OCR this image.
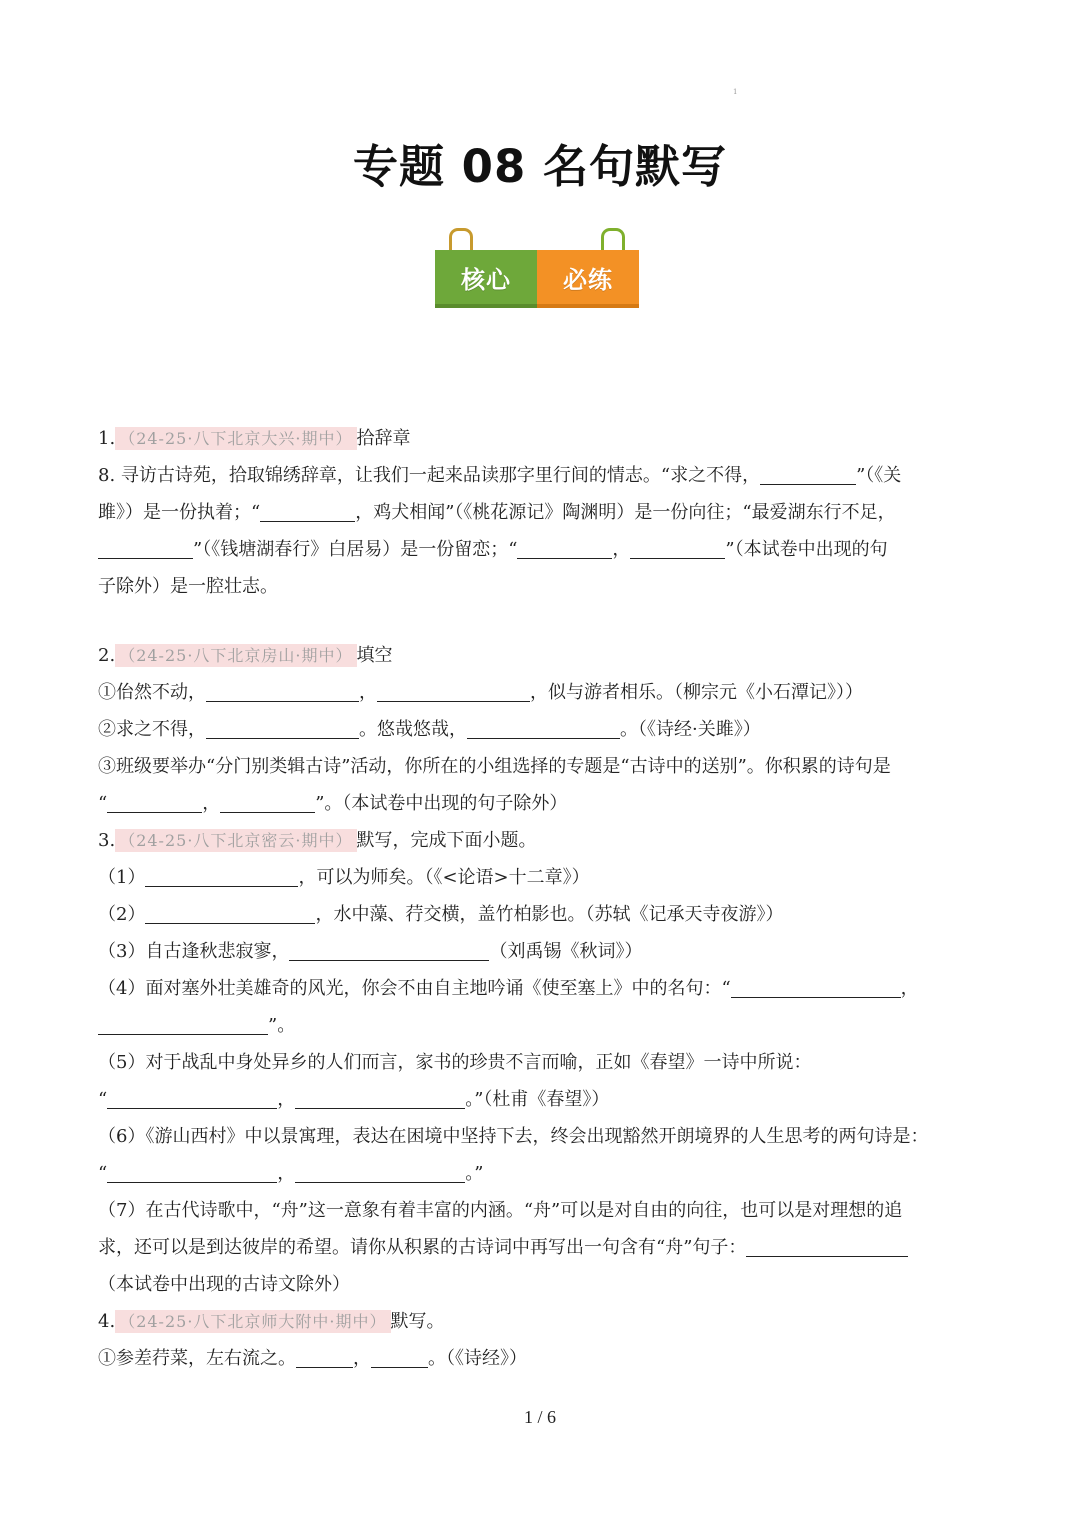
1
专题 08 名句默写
核心	必练
1. （24-25·八下北京大兴·期中） 拾辞章
8. 寻访古诗苑，拾取锦绣辞章，让我们一起来品读那字里行间的情志。“求之不得，	”（《关
雎》）是一份执着；“	，鸡犬相闻”（《桃花源记》陶渊明）是一份向往；“最爱湖东行不足，
”（《钱塘湖春行》白居易）是一份留恋；“	，	”（本试卷中出现的句
子除外）是一腔壮志。
2. （24-25·八下北京房山·期中） 填空
①佁然不动，	，	，似与游者相乐。（柳宗元《小石潭记》））
②求之不得，	。悠哉悠哉，	。（《诗经·关雎》）
③班级要举办“分门别类辑古诗”活动，你所在的小组选择的专题是“古诗中的送别”。你积累的诗句是
“	，	”。（本试卷中出现的句子除外）
3. （24-25·八下北京密云·期中） 默写，完成下面小题。
（1）	，可以为师矣。（《<论语>十二章》）
（2）	，水中藻、荇交横，盖竹柏影也。（苏轼《记承天寺夜游》）
（3）自古逢秋悲寂寥，	（刘禹锡《秋词》）
（4）面对塞外壮美雄奇的风光，你会不由自主地吟诵《使至塞上》中的名句：“	，
”。
（5）对于战乱中身处异乡的人们而言，家书的珍贵不言而喻，正如《春望》一诗中所说：
“	，	。”（杜甫《春望》）
（6）《游山西村》中以景寓理，表达在困境中坚持下去，终会出现豁然开朗境界的人生思考的两句诗是：
“	，	。”
（7）在古代诗歌中，“舟”这一意象有着丰富的内涵。“舟”可以是对自由的向往，也可以是对理想的追
求，还可以是到达彼岸的希望。请你从积累的古诗词中再写出一句含有“舟”句子：
（本试卷中出现的古诗文除外）
4. （24-25·八下北京师大附中·期中） 默写。
①参差荇菜，左右流之。	，	。（《诗经》）
1 / 6
